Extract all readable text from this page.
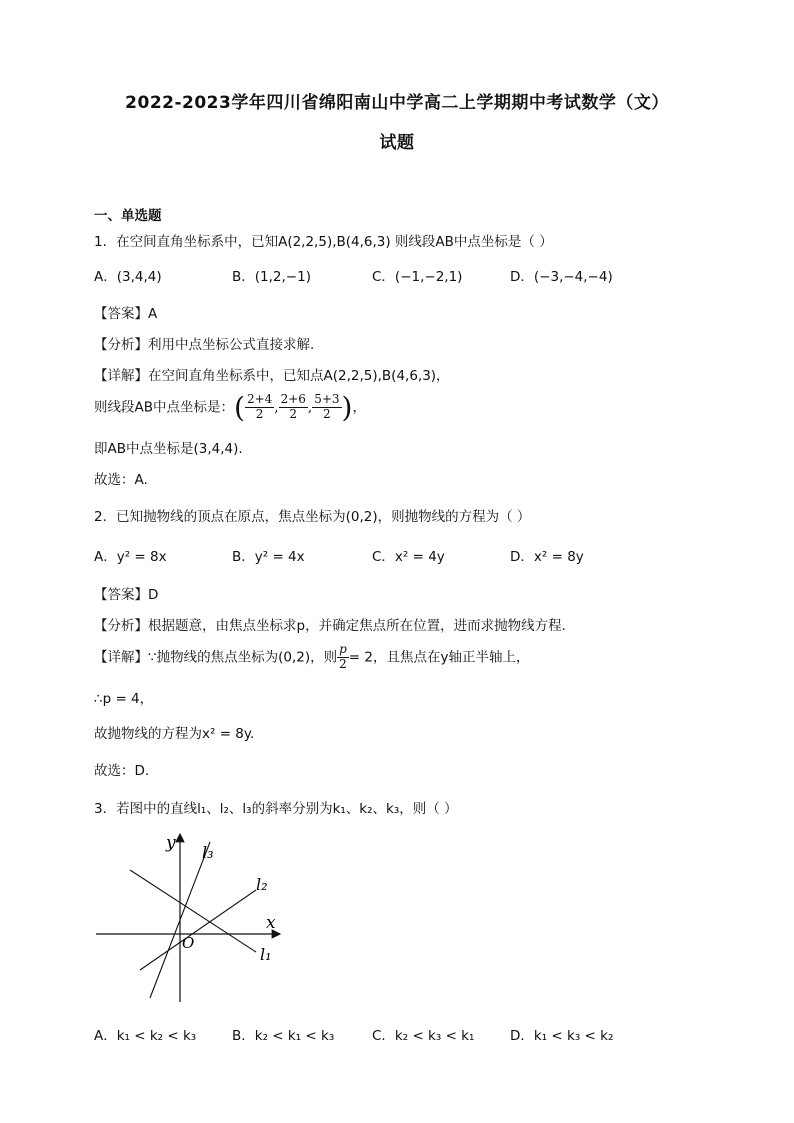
2022-2023学年四川省绵阳南山中学高二上学期期中考试数学（文）
试题
一、单选题
1．在空间直角坐标系中，已知A(2,2,5),B(4,6,3) 则线段AB中点坐标是（ ）
A．(3,4,4)	B．(1,2,−1)	C．(−1,−2,1)	D．(−3,−4,−4)
【答案】A
【分析】利用中点坐标公式直接求解.
【详解】在空间直角坐标系中，已知点A(2,2,5),B(4,6,3)，
则线段AB中点坐标是：( $\frac{2+4}{2}$ , $\frac{2+6}{2}$ , $\frac{5+3}{2}$ )，
即AB中点坐标是(3,4,4).
故选：A.
2．已知抛物线的顶点在原点，焦点坐标为(0,2)，则抛物线的方程为（ ）
A．y² = 8x	B．y² = 4x	C．x² = 4y	D．x² = 8y
【答案】D
【分析】根据题意，由焦点坐标求p，并确定焦点所在位置，进而求抛物线方程.
【详解】∵抛物线的焦点坐标为(0,2)，则 $\frac{p}{2} = 2$，且焦点在y轴正半轴上，
∴p = 4，
故抛物线的方程为x² = 8y.
故选：D.
3．若图中的直线l₁、l₂、l₃的斜率分别为k₁、k₂、k₃，则（ ）
y
x
O
l₃
l₂
l₁
A．k₁ < k₂ < k₃	B．k₂ < k₁ < k₃	C．k₂ < k₃ < k₁	D．k₁ < k₃ < k₂
